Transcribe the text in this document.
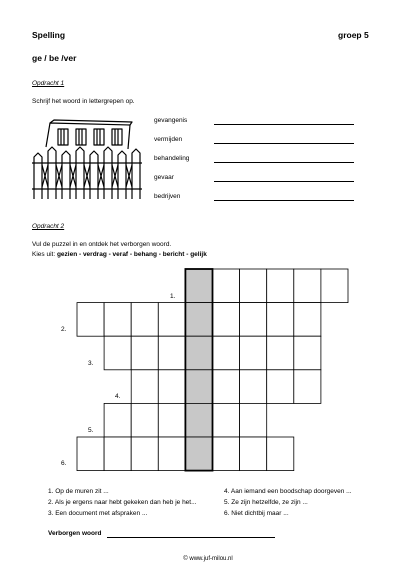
Spelling	groep 5
ge / be /ver
Opdracht 1
Schrijf het woord in lettergrepen op.
gevangenis
vermijden
behandeling
gevaar
bedrijven
Opdracht 2
Vul de puzzel in en ontdek het verborgen woord.
Kies uit: gezien - verdrag - veraf - behang - bericht - gelijk
1.
2.
3.
4.
5.
6.
1. Op de muren zit ...
2. Als je ergens naar hebt gekeken dan heb je het...
3. Een document met afspraken ...
4. Aan iemand een boodschap doorgeven ...
5. Ze zijn hetzelfde, ze zijn ...
6. Niet dichtbij maar ...
Verborgen woord
© www.juf-milou.nl
